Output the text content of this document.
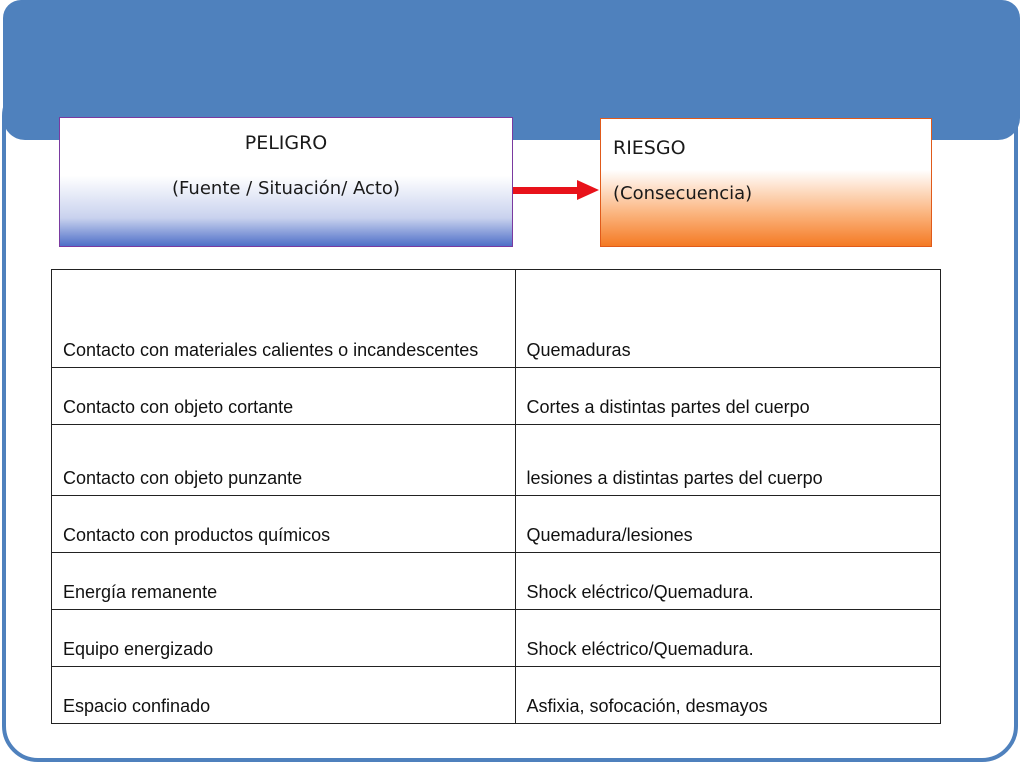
PELIGRO
(Fuente / Situación/ Acto)
RIESGO
(Consecuencia)
Contacto con materiales calientes o incandescentes	Quemaduras
Contacto con objeto cortante	Cortes a distintas partes del cuerpo
Contacto con objeto punzante	lesiones a distintas partes del cuerpo
Contacto con productos químicos	Quemadura/lesiones
Energía remanente	Shock eléctrico/Quemadura.
Equipo energizado	Shock eléctrico/Quemadura.
Espacio confinado	Asfixia, sofocación, desmayos
